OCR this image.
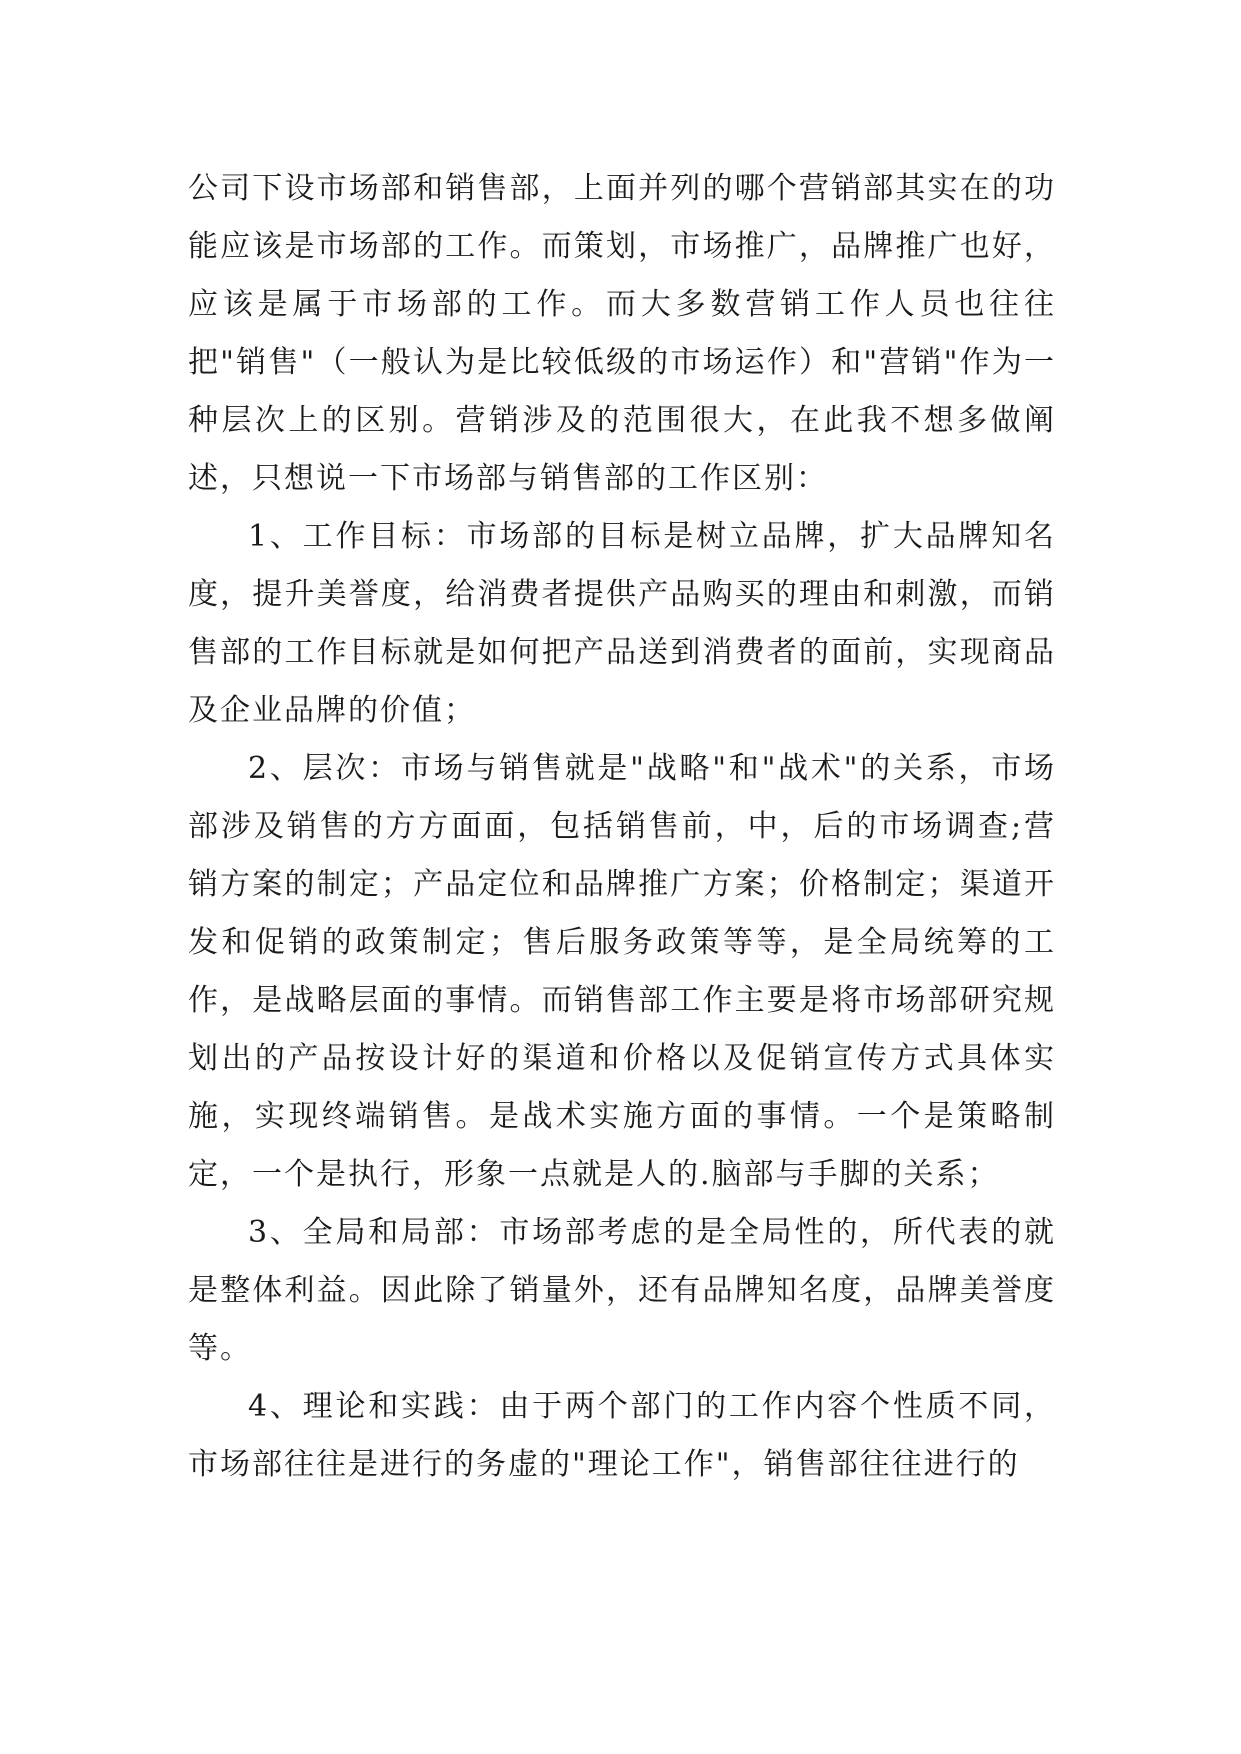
公司下设市场部和销售部，上面并列的哪个营销部其实在的功能应该是市场部的工作。而策划，市场推广，品牌推广也好，应该是属于市场部的工作。而大多数营销工作人员也往往把"销售"（一般认为是比较低级的市场运作）和"营销"作为一种层次上的区别。营销涉及的范围很大，在此我不想多做阐述，只想说一下市场部与销售部的工作区别：

1、工作目标：市场部的目标是树立品牌，扩大品牌知名度，提升美誉度，给消费者提供产品购买的理由和刺激，而销售部的工作目标就是如何把产品送到消费者的面前，实现商品及企业品牌的价值；

2、层次：市场与销售就是"战略"和"战术"的关系，市场部涉及销售的方方面面，包括销售前，中，后的市场调查;营销方案的制定；产品定位和品牌推广方案；价格制定；渠道开发和促销的政策制定；售后服务政策等等，是全局统筹的工作，是战略层面的事情。而销售部工作主要是将市场部研究规划出的产品按设计好的渠道和价格以及促销宣传方式具体实施，实现终端销售。是战术实施方面的事情。一个是策略制定，一个是执行，形象一点就是人的.脑部与手脚的关系；

3、全局和局部：市场部考虑的是全局性的，所代表的就是整体利益。因此除了销量外，还有品牌知名度，品牌美誉度等。

4、理论和实践：由于两个部门的工作内容个性质不同，市场部往往是进行的务虚的"理论工作"，销售部往往进行的
